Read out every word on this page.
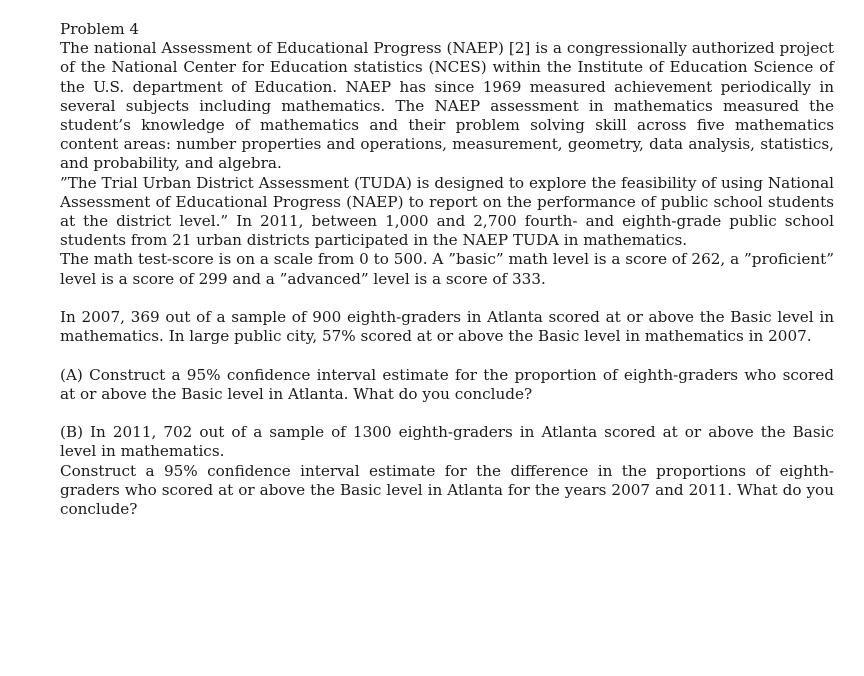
Problem 4

The national Assessment of Educational Progress (NAEP) [2] is a congressionally authorized project of the National Center for Education statistics (NCES) within the Institute of Education Science of the U.S. department of Education. NAEP has since 1969 measured achievement periodically in several subjects including mathematics. The NAEP assessment in mathematics measured the student’s knowledge of mathematics and their problem solving skill across five mathematics content areas: number properties and operations, measurement, geometry, data analysis, statistics, and probability, and algebra.

”The Trial Urban District Assessment (TUDA) is designed to explore the feasibility of using National Assessment of Educational Progress (NAEP) to report on the performance of public school students at the district level.” In 2011, between 1,000 and 2,700 fourth- and eighth-grade public school students from 21 urban districts participated in the NAEP TUDA in mathematics.

The math test-score is on a scale from 0 to 500. A ”basic” math level is a score of 262, a ”proficient” level is a score of 299 and a ”advanced” level is a score of 333.

In 2007, 369 out of a sample of 900 eighth-graders in Atlanta scored at or above the Basic level in mathematics. In large public city, 57% scored at or above the Basic level in mathematics in 2007.

(A) Construct a 95% confidence interval estimate for the proportion of eighth-graders who scored at or above the Basic level in Atlanta. What do you conclude?

(B) In 2011, 702 out of a sample of 1300 eighth-graders in Atlanta scored at or above the Basic level in mathematics.

Construct a 95% confidence interval estimate for the difference in the proportions of eighth-graders who scored at or above the Basic level in Atlanta for the years 2007 and 2011. What do you conclude?
